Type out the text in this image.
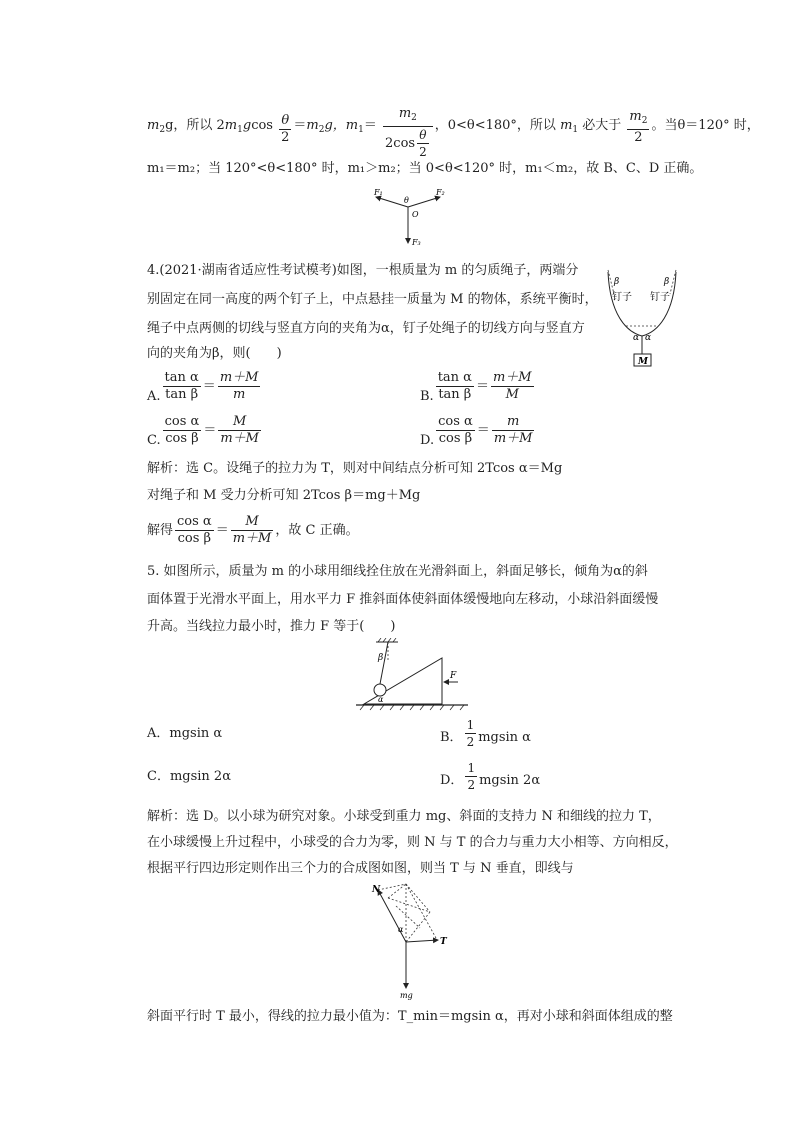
$m_2g$，所以 $2m_1gcos \frac{\theta}{2} =m_2g$，$m_1= \frac{m_2}{2\cos \frac{\theta}{2}}$ ，0<θ<180°，所以 $m_1$ 必大于 $\frac{m_2}{2}$ 。当θ＝120° 时，
m₁＝m₂；当 120°<θ<180° 时，m₁＞m₂；当 0<θ<120° 时，m₁＜m₂，故 B、C、D 正确。
F₁	F₂
θ
O
F₃
4.(2021·湖南省适应性考试模考)如图，一根质量为 m 的匀质绳子，两端分
别固定在同一高度的两个钉子上，中点悬挂一质量为 M 的物体，系统平衡时，
绳子中点两侧的切线与竖直方向的夹角为α，钉子处绳子的切线方向与竖直方
向的夹角为β，则(　　)
M
β	β
钉子 钉子
α α
A. $\frac{\text{tan α}}{\text{tan β}} = \frac{m+M}{m}$	B. $\frac{\text{tan α}}{\text{tan β}} = \frac{m+M}{M}$
C. $\frac{\text{cos α}}{\text{cos β}} = \frac{M}{m+M}$	D. $\frac{\text{cos α}}{\text{cos β}} = \frac{m}{m+M}$
解析：选 C。设绳子的拉力为 T，则对中间结点分析可知 2Tcos α＝Mg
对绳子和 M 受力分析可知 2Tcos β＝mg＋Mg
解得 $\frac{\text{cos α}}{\text{cos β}} = \frac{M}{m+M}$ ，故 C 正确。
5. 如图所示，质量为 m 的小球用细线拴住放在光滑斜面上，斜面足够长，倾角为α的斜
面体置于光滑水平面上，用水平力 F 推斜面体使斜面体缓慢地向左移动，小球沿斜面缓慢
升高。当线拉力最小时，推力 F 等于(　　)
β
α
F
A．mgsin α	B． $\frac{1}{2}$ mgsin α
C．mgsin 2α	D． $\frac{1}{2}$ mgsin 2α
解析：选 D。以小球为研究对象。小球受到重力 mg、斜面的支持力 N 和细线的拉力 T，
在小球缓慢上升过程中，小球受的合力为零，则 N 与 T 的合力与重力大小相等、方向相反，
根据平行四边形定则作出三个力的合成图如图，则当 T 与 N 垂直，即线与
N
T
α
mg
斜面平行时 T 最小，得线的拉力最小值为：T_min＝mgsin α，再对小球和斜面体组成的整
